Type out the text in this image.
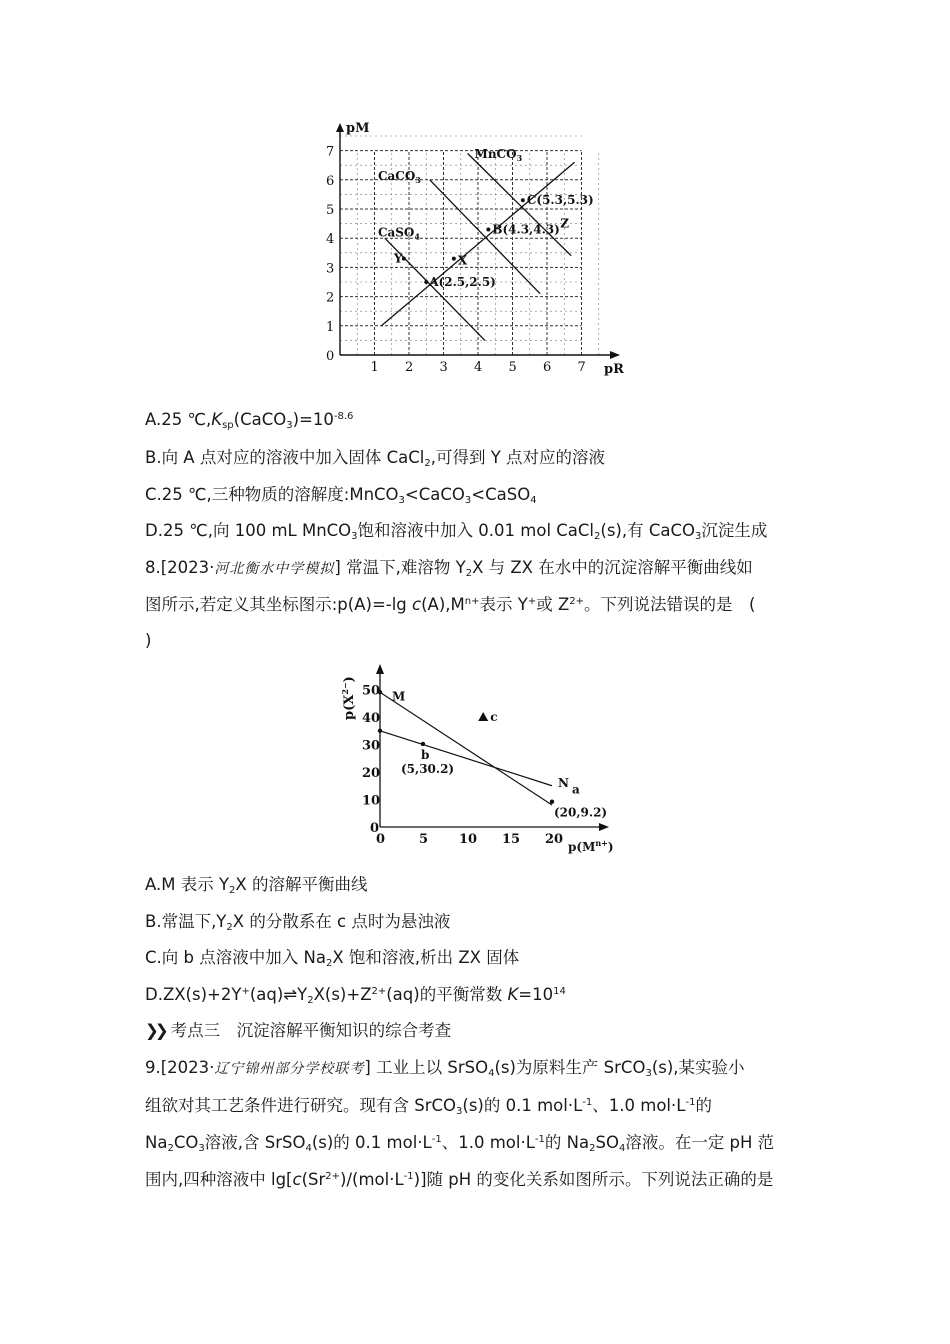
pM
pR
CaSO$_4$
CaCO$_3$
MnCO$_3$
A(2.5,2.5)
B(4.3,4.3)
C(5.3,5.3)
X
Y
Z
1 2 3 4 5 6 7
0
1
2
3
4
5
6
7
A.25 $℃,K_{sp}(CaCO_3)=10^{-8.6}$
B.向 A 点对应的溶液中加入固体 CaCl$_2$,可得到 Y 点对应的溶液
C.25 ℃,三种物质的溶解度:MnCO$_3$<CaCO$_3$<CaSO$_4$
D.25 ℃,向 100 mL MnCO$_3$饱和溶液中加入 0.01 mol CaCl$_2$(s),有 CaCO$_3$沉淀生成
8.[2023·河北衡水中学模拟] 常温下,难溶物 $Y_2X$ 与 ZX 在水中的沉淀溶解平衡曲线如
图所示,若定义其坐标图示:p(A)=-lg $c(A),M^{n+}$表示 Y+或 $Z^{2+}$。下列说法错误的是　(
)
$p(X^{2-})$
$p(M^{n+})$
M
N a
(20,9.2)
b
(5,30.2)
c
0	5 10 15 20
0
10
20
30
40
50
A.M 表示 $Y_2X$ 的溶解平衡曲线
B.常温下$,Y_2X$ 的分散系在 c 点时为悬浊液
C.向 b 点溶液中加入 $Na_2X$ 饱和溶液,析出 ZX 固体
$D.ZX(s)+2Y^+(aq)\rightleftharpoons Y_2X(s)+Z^{2+}(aq)$的平衡常数 $K=10^{14}$
❯❯ 考点三　沉淀溶解平衡知识的综合考查
9.[2023·辽宁锦州部分学校联考] 工业上以 SrSO$_4$(s)为原料生产 SrCO$_3$(s),某实验小
组欲对其工艺条件进行研究。现有含 SrCO$_3$(s)的 0.1 $mol\cdot L^{-1}$、1.0 $mol\cdot L^{-1}$的
$Na_2CO_3$溶液,含 SrSO$_4$(s)的 0.1 $mol\cdot L^{-1}$、1.0 $mol\cdot L^{-1}$的 $Na_2SO_4$溶液。在一定 pH 范
围内,四种溶液中 $\lg[c(Sr^{2+})/(mol\cdot L^{-1})]$随 pH 的变化关系如图所示。下列说法正确的是
